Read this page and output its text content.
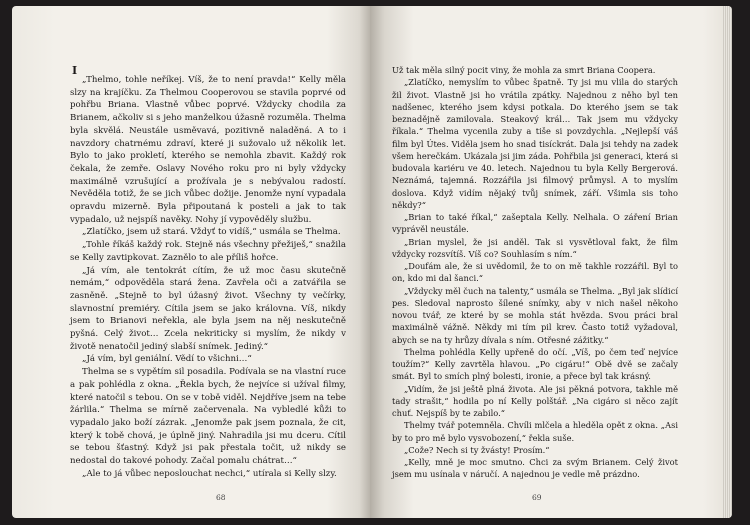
I

„Thelmo, tohle neříkej. Víš, že to není pravda!“ Kelly měla slzy na krajíčku. Za Thelmou Cooperovou se stavila poprvé od pohřbu Briana. Vlastně vůbec poprvé. Vždycky chodila za Brianem, ačkoliv si s jeho manželkou úžasně rozuměla. Thelma byla skvělá. Neustále usměvavá, pozitivně naladěná. A to i navzdory chatrnému zdraví, které ji sužovalo už několik let. Bylo to jako prokletí, kterého se nemohla zbavit. Každý rok čekala, že zemře. Oslavy Nového roku pro ni byly vždycky maximálně vzrušující a prožívala je s nebývalou radostí. Nevěděla totiž, že se jich vůbec dožije. Jenomže nyní vypadala opravdu mizerně. Byla připoutaná k posteli a jak to tak vypadalo, už nejspíš navěky. Nohy jí vypověděly službu.

„Zlatíčko, jsem už stará. Vždyť to vidíš,“ usmála se Thelma.

„Tohle říkáš každý rok. Stejně nás všechny přežiješ,“ snažila se Kelly zavtipkovat. Zaznělo to ale příliš hořce.

„Já vím, ale tentokrát cítím, že už moc času skutečně nemám,“ odpověděla stará žena. Zavřela oči a zatvářila se zasněně. „Stejně to byl úžasný život. Všechny ty večírky, slavnostní premiéry. Cítila jsem se jako královna. Víš, nikdy jsem to Brianovi neřekla, ale byla jsem na něj neskutečně pyšná. Celý život… Zcela nekriticky si myslím, že nikdy v životě nenatočil jediný slabší snímek. Jediný.“

„Já vím, byl geniální. Vědí to všichni…“

Thelma se s vypětím sil posadila. Podívala se na vlastní ruce a pak pohlédla z okna. „Řekla bych, že nejvíce si užíval filmy, které natočil s tebou. On se v tobě viděl. Nejdříve jsem na tebe žárlila.“ Thelma se mírně začervenala. Na vybledlé kůži to vypadalo jako boží zázrak. „Jenomže pak jsem poznala, že cit, který k tobě chová, je úplně jiný. Nahradila jsi mu dceru. Cítil se tebou šťastný. Když jsi pak přestala točit, už nikdy se nedostal do takové pohody. Začal pomalu chátrat…“

„Ale to já vůbec neposlouchat nechci,“ utírala si Kelly slzy.

68

Už tak měla silný pocit viny, že mohla za smrt Briana Coopera.

„Zlatíčko, nemyslím to vůbec špatně. Ty jsi mu vlila do starých žil život. Vlastně jsi ho vrátila zpátky. Najednou z něho byl ten nadšenec, kterého jsem kdysi potkala. Do kterého jsem se tak beznadějně zamilovala. Steakový král… Tak jsem mu vždycky říkala.“ Thelma vycenila zuby a tiše si povzdychla. „Nejlepší váš film byl Útes. Viděla jsem ho snad tisíckrát. Dala jsi tehdy na zadek všem herečkám. Ukázala jsi jim záda. Pohřbila jsi generaci, která si budovala kariéru ve 40. letech. Najednou tu byla Kelly Bergerová. Neznámá, tajemná. Rozzářila jsi filmový průmysl. A to myslím doslova. Když vidím nějaký tvůj snímek, září. Všimla sis toho někdy?“

„Brian to také říkal,“ zašeptala Kelly. Nelhala. O záření Brian vyprávěl neustále.

„Brian myslel, že jsi anděl. Tak si vysvětloval fakt, že film vždycky rozsvítíš. Víš co? Souhlasím s ním.“

„Doufám ale, že si uvědomil, že to on mě takhle rozzářil. Byl to on, kdo mi dal šanci.“

„Vždycky měl čuch na talenty,“ usmála se Thelma. „Byl jak slídicí pes. Sledoval naprosto šílené snímky, aby v nich našel někoho novou tvář, ze které by se mohla stát hvězda. Svou práci bral maximálně vážně. Někdy mi tím pil krev. Často totiž vyžadoval, abych se na ty hrůzy dívala s ním. Otřesné zážitky.“

Thelma pohlédla Kelly upřeně do očí. „Víš, po čem teď nejvíce toužím?“ Kelly zavrtěla hlavou. „Po cigáru!“ Obě dvě se začaly smát. Byl to smích plný bolesti, ironie, a přece byl tak krásný.

„Vidím, že jsi ještě plná života. Ale jsi pěkná potvora, takhle mě tady strašit,“ hodila po ní Kelly polštář. „Na cigáro si něco zajít chuť. Nejspíš by te zabilo.“

Thelmy tvář potemněla. Chvíli mlčela a hleděla opět z okna. „Asi by to pro mě bylo vysvobození,“ řekla suše.

„Cože? Nech si ty žvásty! Prosím.“

„Kelly, mně je moc smutno. Chci za svým Brianem. Celý život jsem mu usínala v náručí. A najednou je vedle mě prázdno.

69
